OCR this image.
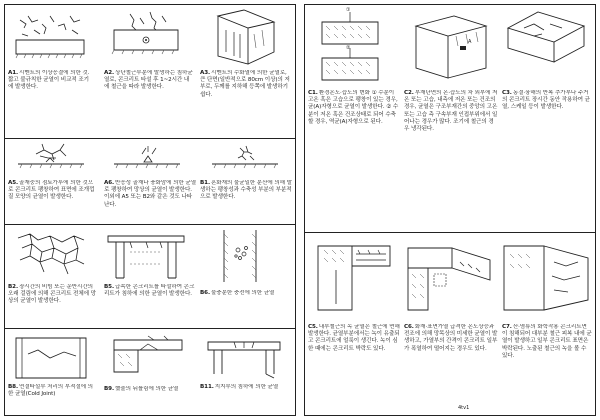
A1.시멘트의 이상응결에 의한 것. 짧고 불규칙한 균열이 비교적 조기에 발생한다.
A2.상단철근부분에 발생하는 침하균열로, 콘크리트 타설 후 1~2시간 내에 철근을 따라 발생한다.
A3.시멘트의 수화열에 의한 균열로, 큰 단면(일반적으로 80cm 이상)의 저부로, 두께를 지하해 등쪽에 발생하기 쉽다.
A5.골재중의 점토가루에 의한 것으로 콘크리트 팽창하여 표면에 조개껍질 모양의 균열이 발생한다.
A6.반응성 골재나 풍화암에 의한 균열로 팽창하여 망상의 균열이 발생한다. 이외에 A5 또는 B2와 같은 것도 나타난다.
B1.혼화재의 불균일한 분산에 의해 발생하는 팽창성과 수축성 부분의 부분적으로 발생한다.
B2.장시간의 비빔 또는 운반시간의 오래 걸림에 의해 콘크리트 전체에 망상의 균열이 발생한다.
B5.급속한 콘크리트를 타설하여 콘크리트가 침하에 의한 균열이 발생한다.	B6.불충분한 충전에 의한 균열
B8.연결타설부 처리의 부적절에 의한 균열(Cold Joint)
B9.했줄의 뒤틀림에 의한 균열	B11.지지부의 침하에 의한 균열
①
②
A
C1.환경온도·습도의 변화 ① 수분이 고온 혹은 고습으로 팽창이 있는 경우, 균(A)자형으로 균열이 발생한다. ② 수분이 저온 혹은 건조상태로 되어 수축할 경우, 역균(A)자형으로 된다.
C2.부재단면의 온·습도의 차 외부에 저온 또는 고습, 내측에 저온 또는 건조의 경우, 균열은 구조부재간의 중앙의 고온 또는 고습 측 구속부재 인접부위에서 일어나는 경우가 많다. 조기에 철근의 경우 냉각된다.
C3.동결·융해의 반복 추가부나 주거의 콘크리트 장시간 동안 작용하여 균열, 스케일 등이 발생한다.
4tv1
C5.내부철근의 녹 균열은 철근에 면해 발생한다. 균열부분에서는 녹이 유출되고 콘크리트에 얼룩이 생긴다. 녹이 심한 때에는 콘크리트 박락도 있다.
C6.화재·표면가열 급격한 온도상승과 전조에 의해 망목상의 미세한 균열이 발생하고, 가열부의 간격이 콘크리트 일부가 폭열하여 떨어지는 경우도 있다.
C7.산·염류의 화학작용 콘크리트면이 침해되어 대부분 철근 피복 내에 균열이 발생하고 일부 콘크리트 표면은 박락된다. 노출된 철근의 녹을 볼 수 있다.
